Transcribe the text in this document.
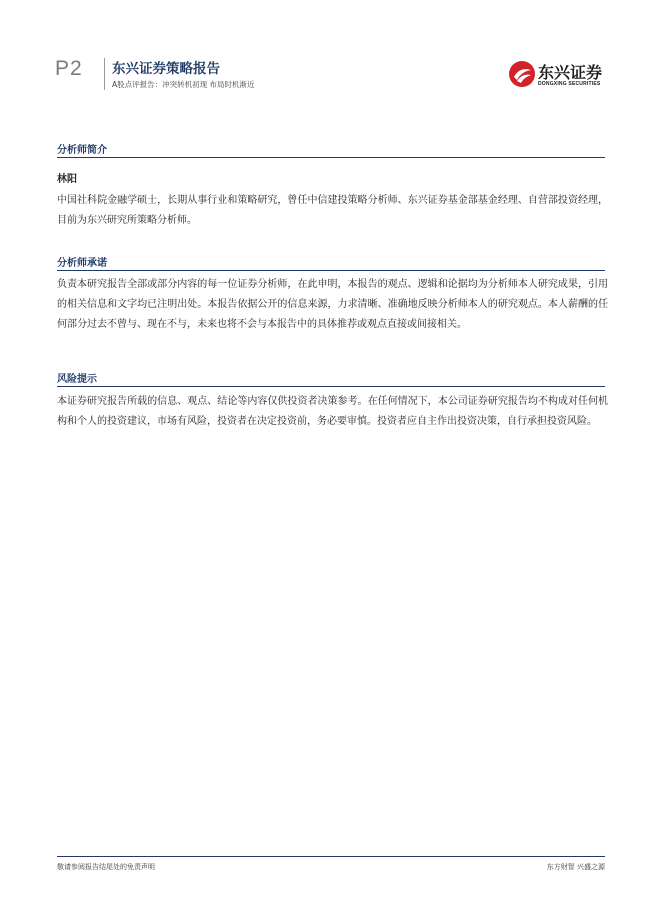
P2 东兴证券策略报告
A股点评报告：冲突转机初现 布局时机渐近
东兴证券
DONGXING SECURITIES
分析师简介
林阳
中国社科院金融学硕士，长期从事行业和策略研究，曾任中信建投策略分析师、东兴证券基金部基金经理、自营部投资经理，目前为东兴研究所策略分析师。
分析师承诺
负责本研究报告全部或部分内容的每一位证券分析师，在此申明，本报告的观点、逻辑和论据均为分析师本人研究成果，引用的相关信息和文字均已注明出处。本报告依据公开的信息来源，力求清晰、准确地反映分析师本人的研究观点。本人薪酬的任何部分过去不曾与、现在不与，未来也将不会与本报告中的具体推荐或观点直接或间接相关。
风险提示
本证券研究报告所载的信息、观点、结论等内容仅供投资者决策参考。在任何情况下，本公司证券研究报告均不构成对任何机构和个人的投资建议，市场有风险，投资者在决定投资前，务必要审慎。投资者应自主作出投资决策，自行承担投资风险。
敬请参阅报告结尾处的免责声明	东方财智 兴盛之源
